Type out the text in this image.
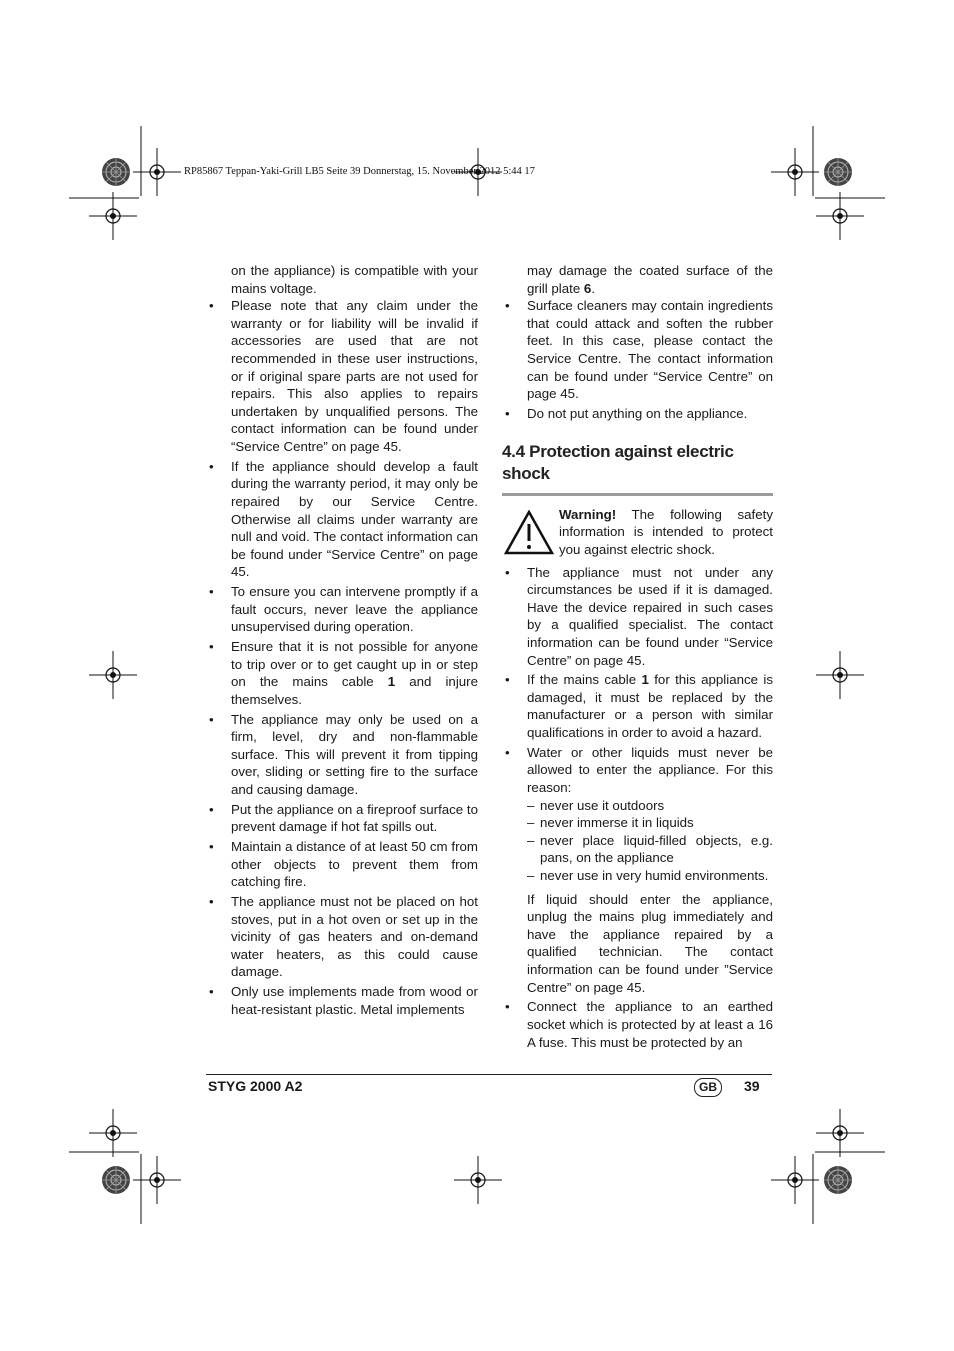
RP85867 Teppan-Yaki-Grill LB5 Seite 39 Donnerstag, 15. November 2012 5:44 17

on the appliance) is compatible with your mains voltage.

• Please note that any claim under the warranty or for liability will be invalid if accessories are used that are not recommended in these user instructions, or if original spare parts are not used for repairs. This also applies to repairs undertaken by unqualified persons. The contact information can be found under “Service Centre” on page 45.
• If the appliance should develop a fault during the warranty period, it may only be repaired by our Service Centre. Otherwise all claims under warranty are null and void. The contact information can be found under “Service Centre” on page 45.
• To ensure you can intervene promptly if a fault occurs, never leave the appliance unsupervised during operation.
• Ensure that it is not possible for anyone to trip over or to get caught up in or step on the mains cable 1 and injure themselves.
• The appliance may only be used on a firm, level, dry and non-flammable surface. This will prevent it from tipping over, sliding or setting fire to the surface and causing damage.
• Put the appliance on a fireproof surface to prevent damage if hot fat spills out.
• Maintain a distance of at least 50 cm from other objects to prevent them from catching fire.
• The appliance must not be placed on hot stoves, put in a hot oven or set up in the vicinity of gas heaters and on-demand water heaters, as this could cause damage.
• Only use implements made from wood or heat-resistant plastic. Metal implements

may damage the coated surface of the grill plate 6.

• Surface cleaners may contain ingredients that could attack and soften the rubber feet. In this case, please contact the Service Centre. The contact information can be found under “Service Centre” on page 45.
• Do not put anything on the appliance.
4.4 Protection against electric shock
Warning! The following safety information is intended to protect you against electric shock.
• The appliance must not under any circumstances be used if it is damaged. Have the device repaired in such cases by a qualified specialist. The contact information can be found under “Service Centre” on page 45.
• If the mains cable 1 for this appliance is damaged, it must be replaced by the manufacturer or a person with similar qualifications in order to avoid a hazard.
• Water or other liquids must never be allowed to enter the appliance. For this reason:
– never use it outdoors
– never immerse it in liquids
– never place liquid-filled objects, e.g. pans, on the appliance
– never use in very humid environments.

If liquid should enter the appliance, unplug the mains plug immediately and have the appliance repaired by a qualified technician. The contact information can be found under ”Service Centre” on page 45.

• Connect the appliance to an earthed socket which is protected by at least a 16 A fuse. This must be protected by an
STYG 2000 A2	GB	39
